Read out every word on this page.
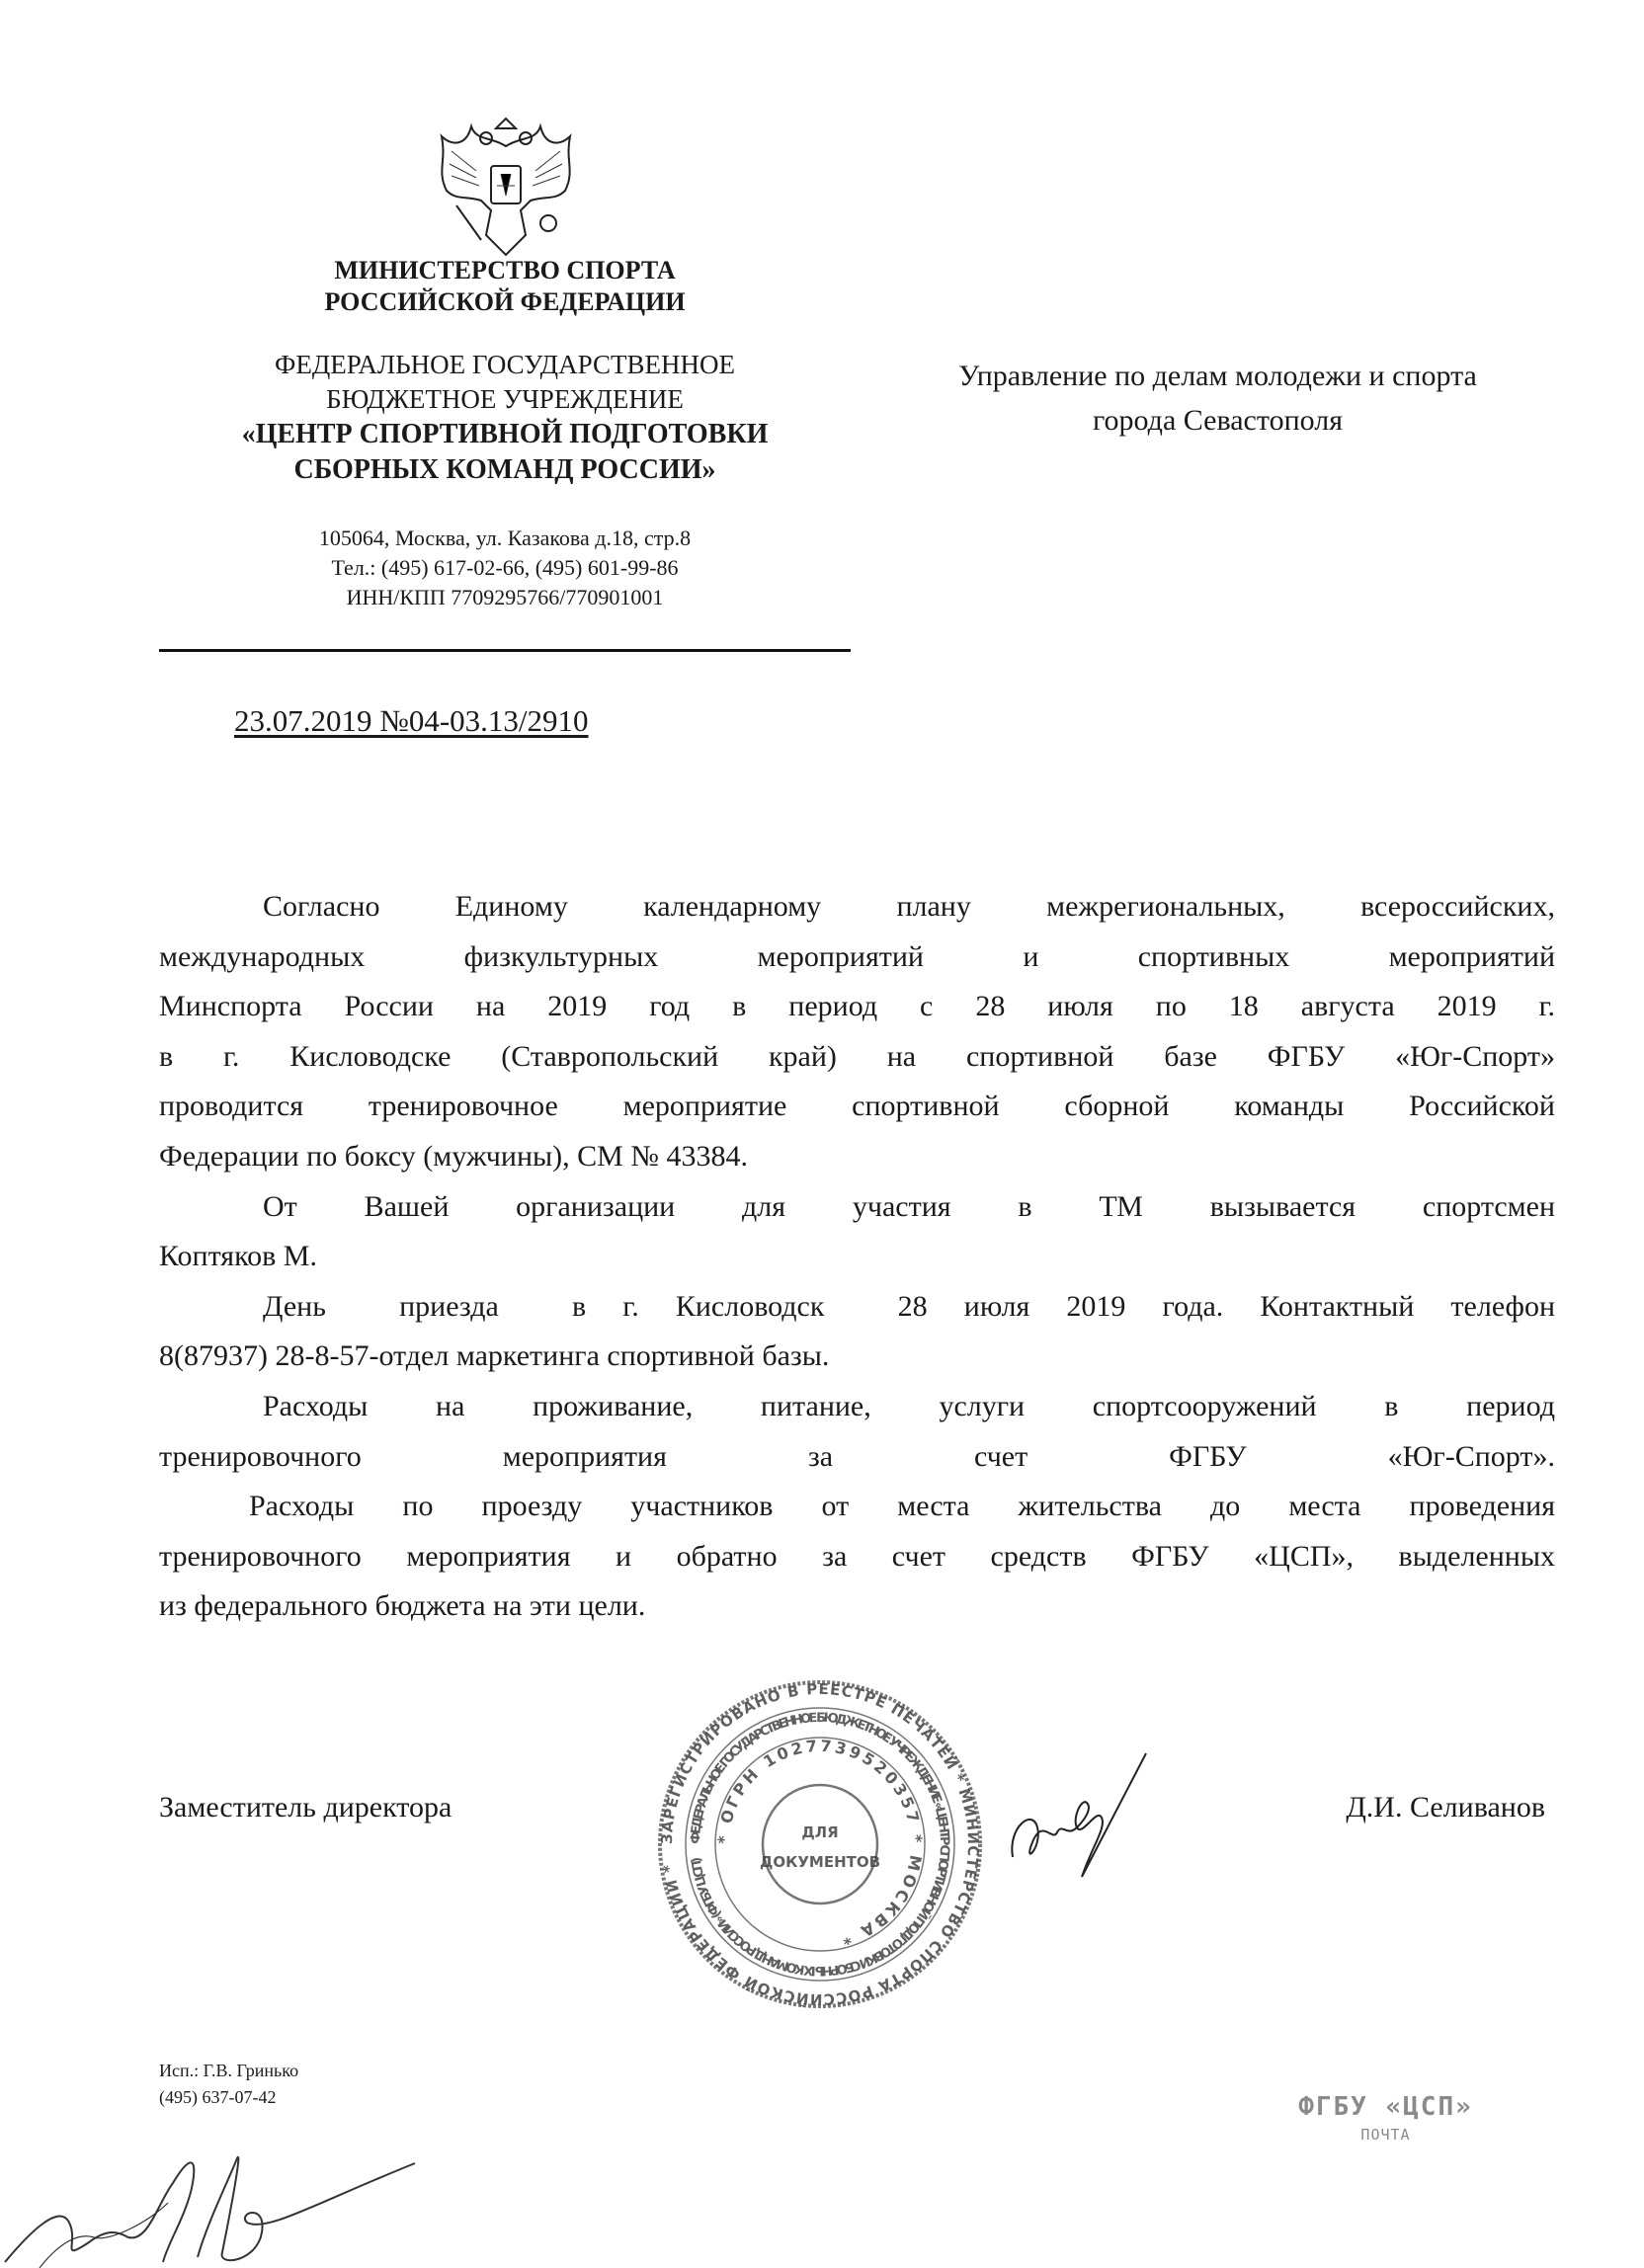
МИНИСТЕРСТВО СПОРТА
РОССИЙСКОЙ ФЕДЕРАЦИИ
ФЕДЕРАЛЬНОЕ ГОСУДАРСТВЕННОЕ
БЮДЖЕТНОЕ УЧРЕЖДЕНИЕ
«ЦЕНТР СПОРТИВНОЙ ПОДГОТОВКИ
СБОРНЫХ КОМАНД РОССИИ»
105064, Москва, ул. Казакова д.18, стр.8
Тел.: (495) 617-02-66, (495) 601-99-86
ИНН/КПП 7709295766/770901001
23.07.2019 №04-03.13/2910
Управление по делам молодежи и спорта
города Севастополя
Согласно Единому календарному плану межрегиональных, всероссийских,
международных физкультурных мероприятий и спортивных мероприятий
Минспорта России на 2019 год в период с 28 июля по 18 августа 2019 г.
в г. Кисловодске (Ставропольский край) на спортивной базе ФГБУ «Юг-Спорт»
проводится тренировочное мероприятие спортивной сборной команды Российской
Федерации по боксу (мужчины), СМ № 43384.
От Вашей организации для участия в ТМ вызывается спортсмен
Коптяков М.
День  приезда  в г. Кисловодск  28 июля 2019 года. Контактный телефон
8(87937) 28-8-57-отдел маркетинга спортивной базы.
Расходы на проживание, питание, услуги спортсооружений в период
тренировочного мероприятия за счет ФГБУ «Юг-Спорт».
Расходы по проезду участников от места жительства до места проведения
тренировочного мероприятия и обратно за счет средств ФГБУ «ЦСП», выделенных
из федерального бюджета на эти цели.
Заместитель директора	Д.И. Селиванов
ЗАРЕГИСТРИРОВАНО В РЕЕСТРЕ ПЕЧАТЕЙ * МИНИСТЕРСТВО СПОРТА РОССИЙСКОЙ ФЕДЕРАЦИИ *
ФЕДЕРАЛЬНОЕ ГОСУДАРСТВЕННОЕ БЮДЖЕТНОЕ УЧРЕЖДЕНИЕ «ЦЕНТР СПОРТИВНОЙ ПОДГОТОВКИ СБОРНЫХ КОМАНД РОССИИ» (ФГБУ ЦСП)
* ОГРН 1027739520357 * МОСКВА *
ДЛЯ
ДОКУМЕНТОВ
Исп.: Г.В. Гринько
(495) 637-07-42	ФГБУ «ЦСП»
ПОЧТА
